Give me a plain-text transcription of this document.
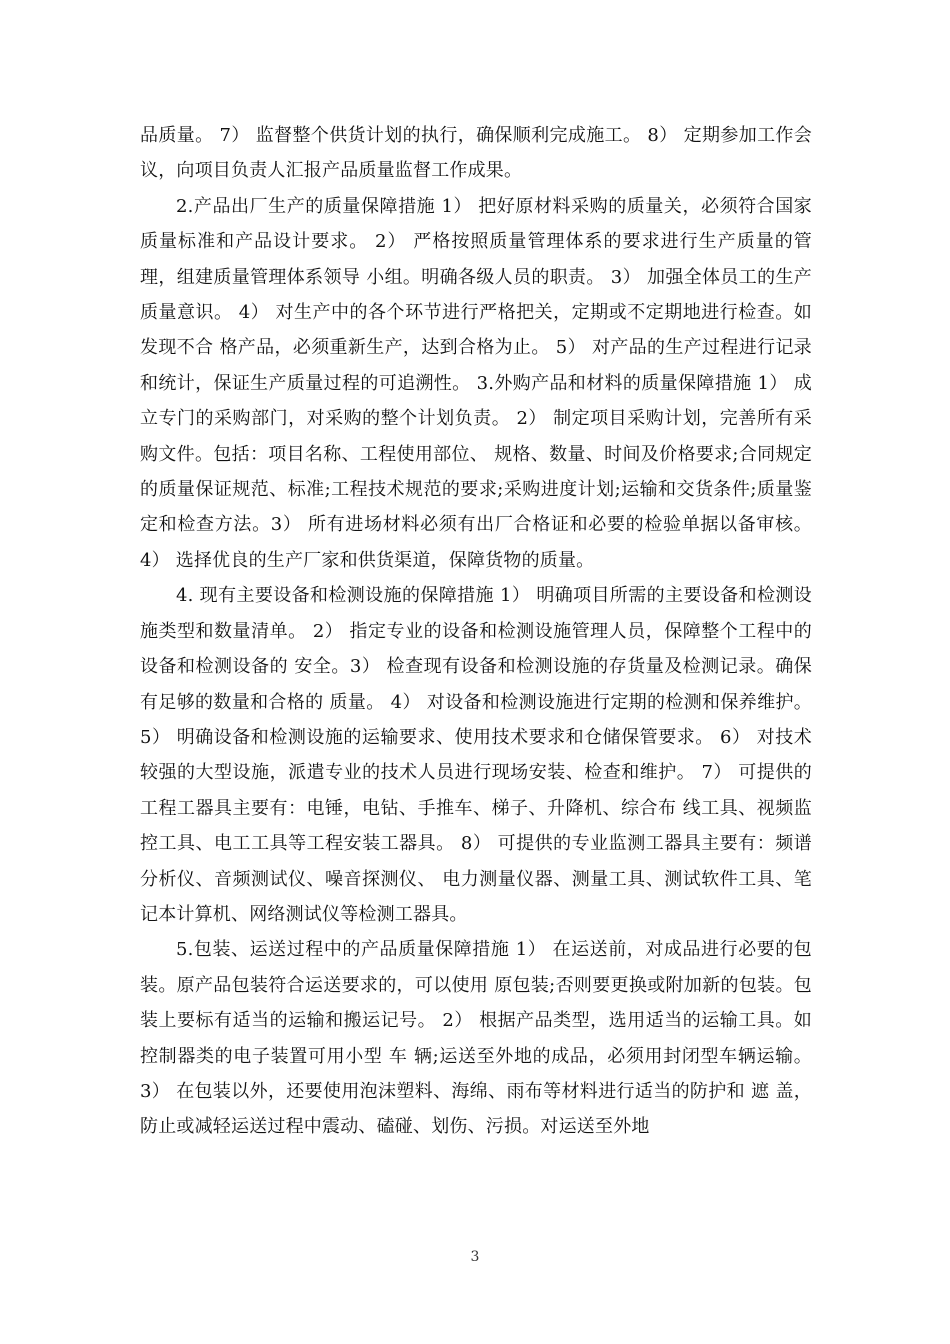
品质量。 7） 监督整个供货计划的执行，确保顺利完成施工。 8） 定期参加工作会议，向项目负责人汇报产品质量监督工作成果。

2.产品出厂生产的质量保障措施 1） 把好原材料采购的质量关，必须符合国家质量标准和产品设计要求。 2） 严格按照质量管理体系的要求进行生产质量的管理，组建质量管理体系领导 小组。明确各级人员的职责。 3） 加强全体员工的生产质量意识。 4） 对生产中的各个环节进行严格把关，定期或不定期地进行检查。如发现不合 格产品，必须重新生产，达到合格为止。 5） 对产品的生产过程进行记录和统计，保证生产质量过程的可追溯性。 3.外购产品和材料的质量保障措施 1） 成立专门的采购部门，对采购的整个计划负责。 2） 制定项目采购计划，完善所有采购文件。包括：项目名称、工程使用部位、 规格、数量、时间及价格要求;合同规定的质量保证规范、标准;工程技术规范的要求;采购进度计划;运输和交货条件;质量鉴定和检查方法。3） 所有进场材料必须有出厂合格证和必要的检验单据以备审核。 4） 选择优良的生产厂家和供货渠道，保障货物的质量。

4. 现有主要设备和检测设施的保障措施 1） 明确项目所需的主要设备和检测设施类型和数量清单。 2） 指定专业的设备和检测设施管理人员，保障整个工程中的设备和检测设备的 安全。3） 检查现有设备和检测设施的存货量及检测记录。确保有足够的数量和合格的 质量。 4） 对设备和检测设施进行定期的检测和保养维护。 5） 明确设备和检测设施的运输要求、使用技术要求和仓储保管要求。 6） 对技术较强的大型设施，派遣专业的技术人员进行现场安装、检查和维护。 7） 可提供的工程工器具主要有：电锤，电钻、手推车、梯子、升降机、综合布 线工具、视频监控工具、电工工具等工程安装工器具。 8） 可提供的专业监测工器具主要有：频谱分析仪、音频测试仪、噪音探测仪、 电力测量仪器、测量工具、测试软件工具、笔记本计算机、网络测试仪等检测工器具。

5.包装、运送过程中的产品质量保障措施 1） 在运送前，对成品进行必要的包装。原产品包装符合运送要求的，可以使用 原包装;否则要更换或附加新的包装。包装上要标有适当的运输和搬运记号。 2） 根据产品类型，选用适当的运输工具。如控制器类的电子装置可用小型 车 辆;运送至外地的成品，必须用封闭型车辆运输。 3） 在包装以外，还要使用泡沫塑料、海绵、雨布等材料进行适当的防护和 遮 盖，防止或减轻运送过程中震动、磕碰、划伤、污损。对运送至外地

3
